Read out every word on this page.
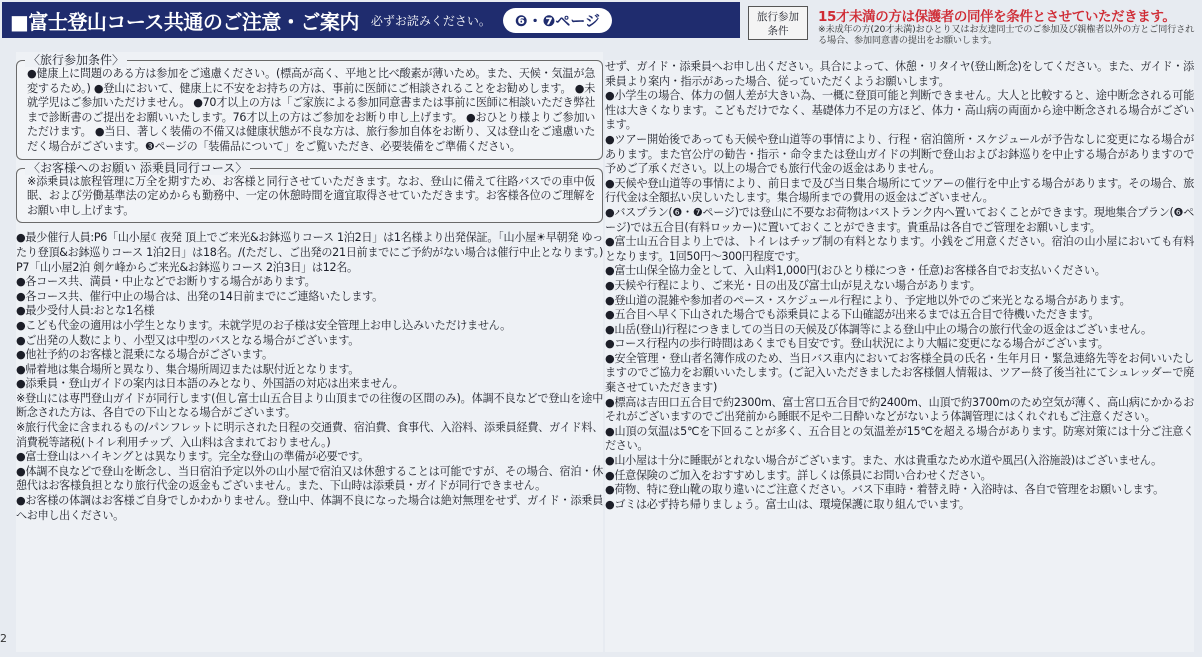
■富士登山コース共通のご注意・ご案内 必ずお読みください。	❻・❼ページ	旅行参加
条件
15才未満の方は保護者の同伴を条件とさせていただきます。
※未成年の方(20才未満)おひとり又はお友達同士でのご参加及び親権者以外の方とご同行される場合、参加同意書の提出をお願いします。
〈旅行参加条件〉
●健康上に問題のある方は参加をご遠慮ください。(標高が高く、平地と比べ酸素が薄いため。また、天候・気温が急変するため。) ●登山において、健康上に不安をお持ちの方は、事前に医師にご相談されることをお勧めします。 ●未就学児はご参加いただけません。 ●70才以上の方は「ご家族による参加同意書または事前に医師に相談いただき弊社まで診断書のご提出をお願いいたします。76才以上の方はご参加をお断り申し上げます。 ●おひとり様よりご参加いただけます。 ●当日、著しく装備の不備又は健康状態が不良な方は、旅行参加自体をお断り、又は登山をご遠慮いただく場合がございます。❸ページの「装備品について」をご覧いただき、必要装備をご準備ください。
〈お客様へのお願い 添乗員同行コース〉
※添乗員は旅程管理に万全を期すため、お客様と同行させていただきます。なお、登山に備えて往路バスでの車中仮眠、および労働基準法の定めからも勤務中、一定の休憩時間を適宜取得させていただきます。お客様各位のご理解をお願い申し上げます。
●最少催行人員:P6「山小屋☾夜発 頂上でご来光&お鉢巡りコース 1泊2日」は1名様より出発保証。「山小屋☀早朝発 ゆったり登頂&お鉢巡りコース 1泊2日」は18名。/(ただし、ご出発の21日前までにご予約がない場合は催行中止となります。) P7「山小屋2泊 剣ケ峰からご来光&お鉢巡りコース 2泊3日」は12名。
●各コース共、満員・中止などでお断りする場合があります。
●各コース共、催行中止の場合は、出発の14日前までにご連絡いたします。
●最少受付人員:おとな1名様
●こども代金の適用は小学生となります。未就学児のお子様は安全管理上お申し込みいただけません。
●ご出発の人数により、小型又は中型のバスとなる場合がございます。
●他社予約のお客様と混乗になる場合がございます。
●帰着地は集合場所と異なり、集合場所周辺または駅付近となります。
●添乗員・登山ガイドの案内は日本語のみとなり、外国語の対応は出来ません。
※登山には専門登山ガイドが同行します(但し富士山五合目より山頂までの往復の区間のみ)。体調不良などで登山を途中断念された方は、各自での下山となる場合がございます。
※旅行代金に含まれるもの/パンフレットに明示された日程の交通費、宿泊費、食事代、入浴料、添乗員経費、ガイド料、消費税等諸税(トイレ利用チップ、入山料は含まれておりません。)
●富士登山はハイキングとは異なります。完全な登山の準備が必要です。
●体調不良などで登山を断念し、当日宿泊予定以外の山小屋で宿泊又は休憩することは可能ですが、その場合、宿泊・休憩代はお客様負担となり旅行代金の返金もございません。また、下山時は添乗員・ガイドが同行できません。
●お客様の体調はお客様ご自身でしかわかりません。登山中、体調不良になった場合は絶対無理をせず、ガイド・添乗員へお申し出ください。
2
せず、ガイド・添乗員へお申し出ください。具合によって、休憩・リタイヤ(登山断念)をしてください。また、ガイド・添乗員より案内・指示があった場合、従っていただくようお願いします。
●小学生の場合、体力の個人差が大きい為、一概に登頂可能と判断できません。大人と比較すると、途中断念される可能性は大きくなります。こどもだけでなく、基礎体力不足の方ほど、体力・高山病の両面から途中断念される場合がございます。
●ツアー開始後であっても天候や登山道等の事情により、行程・宿泊箇所・スケジュールが予告なしに変更になる場合があります。また官公庁の勧告・指示・命令または登山ガイドの判断で登山およびお鉢巡りを中止する場合がありますので予めご了承ください。以上の場合でも旅行代金の返金はありません。
●天候や登山道等の事情により、前日まで及び当日集合場所にてツアーの催行を中止する場合があります。その場合、旅行代金は全額払い戻しいたします。集合場所までの費用の返金はございません。
●バスプラン(❻・❼ページ)では登山に不要なお荷物はバストランク内へ置いておくことができます。現地集合プラン(❻ページ)では五合目(有料ロッカー)に置いておくことができます。貴重品は各自でご管理をお願いします。
●富士山五合目より上では、トイレはチップ制の有料となります。小銭をご用意ください。宿泊の山小屋においても有料となります。1回50円〜300円程度です。
●富士山保全協力金として、入山料1,000円(おひとり様につき・任意)お客様各自でお支払いください。
●天候や行程により、ご来光・日の出及び富士山が見えない場合があります。
●登山道の混雑や参加者のペース・スケジュール行程により、予定地以外でのご来光となる場合があります。
●五合目へ早く下山された場合でも添乗員による下山確認が出来るまでは五合目で待機いただきます。
●山岳(登山)行程につきましての当日の天候及び体調等による登山中止の場合の旅行代金の返金はございません。
●コース行程内の歩行時間はあくまでも目安です。登山状況により大幅に変更になる場合がございます。
●安全管理・登山者名簿作成のため、当日バス車内においてお客様全員の氏名・生年月日・緊急連絡先等をお伺いいたしますのでご協力をお願いいたします。(ご記入いただきましたお客様個人情報は、ツアー終了後当社にてシュレッダーで廃棄させていただきます)
●標高は吉田口五合目で約2300m、富士宮口五合目で約2400m、山頂で約3700mのため空気が薄く、高山病にかかるおそれがございますのでご出発前から睡眠不足や二日酔いなどがないよう体調管理にはくれぐれもご注意ください。
●山頂の気温は5℃を下回ることが多く、五合目との気温差が15℃を超える場合があります。防寒対策には十分ご注意ください。
●山小屋は十分に睡眠がとれない場合がございます。また、水は貴重なため水道や風呂(入浴施設)はございません。
●任意保険のご加入をおすすめします。詳しくは係員にお問い合わせください。
●荷物、特に登山靴の取り違いにご注意ください。バス下車時・着替え時・入浴時は、各自で管理をお願いします。
●ゴミは必ず持ち帰りましょう。富士山は、環境保護に取り組んでいます。
